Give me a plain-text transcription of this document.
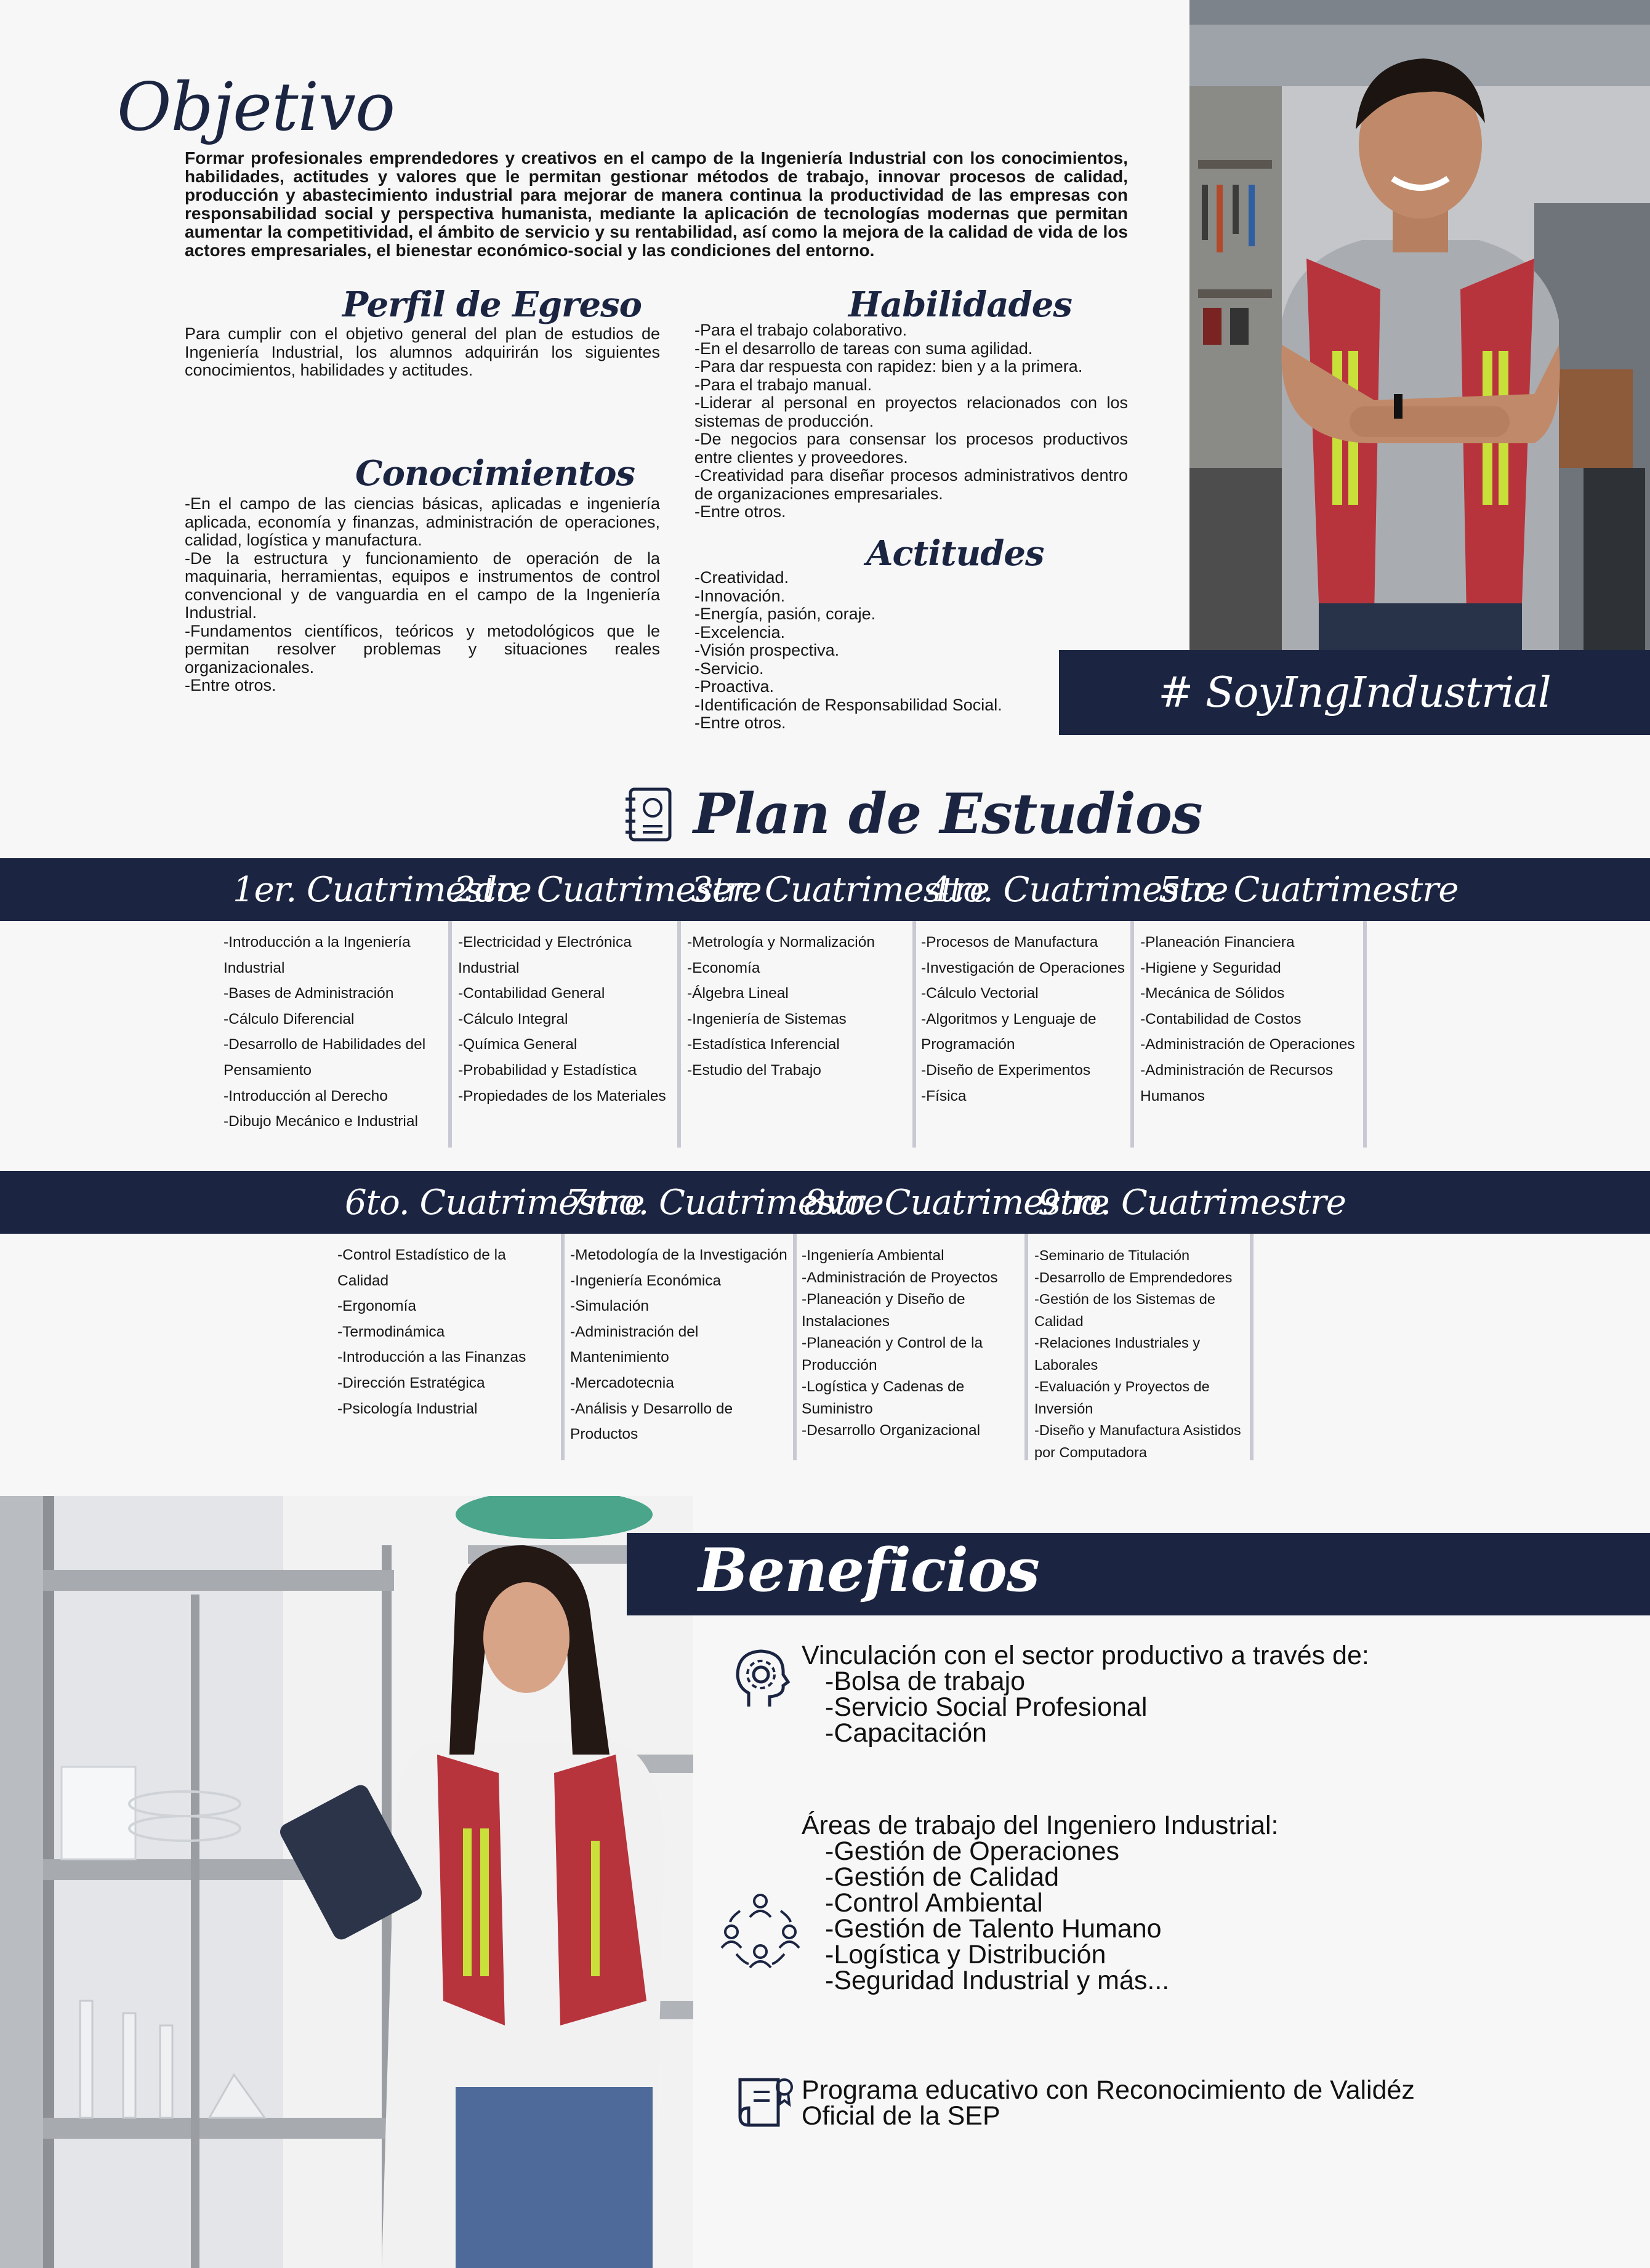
Objetivo

Formar profesionales emprendedores y creativos en el campo de la Ingeniería Industrial con los conocimientos, habilidades, actitudes y valores que le permitan gestionar métodos de trabajo, innovar procesos de calidad, producción y abastecimiento industrial para mejorar de manera continua la productividad de las empresas con responsabilidad social y perspectiva humanista, mediante la aplicación de tecnologías modernas que permitan aumentar la competitividad, el ámbito de servicio y su rentabilidad, así como la mejora de la calidad de vida de los actores empresariales, el bienestar económico-social y las condiciones del entorno.

Perfil de Egreso

Para cumplir con el objetivo general del plan de estudios de Ingeniería Industrial, los alumnos adquirirán los siguientes conocimientos, habilidades y actitudes.

Conocimientos

-En el campo de las ciencias básicas, aplicadas e ingeniería aplicada, economía y finanzas, administración de operaciones, calidad, logística y manufactura.

-De la estructura y funcionamiento de operación de la maquinaria, herramientas, equipos e instrumentos de control convencional y de vanguardia en el campo de la Ingeniería Industrial.

-Fundamentos científicos, teóricos y metodológicos que le permitan resolver problemas y situaciones reales organizacionales.

-Entre otros.

Habilidades

-Para el trabajo colaborativo.

-En el desarrollo de tareas con suma agilidad.

-Para dar respuesta con rapidez: bien y a la primera.

-Para el trabajo manual.

-Liderar al personal en proyectos relacionados con los sistemas de producción.

-De negocios para consensar los procesos productivos entre clientes y proveedores.

-Creatividad para diseñar procesos administrativos dentro de organizaciones empresariales.

-Entre otros.

Actitudes

-Creatividad.

-Innovación.

-Energía, pasión, coraje.

-Excelencia.

-Visión prospectiva.

-Servicio.

-Proactiva.

-Identificación de Responsabilidad Social.

-Entre otros.

# SoyIngIndustrial
Plan de Estudios
1er. Cuatrimestre
2do. Cuatrimestre
3er. Cuatrimestre
4to. Cuatrimestre
5to. Cuatrimestre
-Introducción a la Ingeniería
Industrial
-Bases de Administración
-Cálculo Diferencial
-Desarrollo de Habilidades del
Pensamiento
-Introducción al Derecho
-Dibujo Mecánico e Industrial
-Electricidad y Electrónica
Industrial
-Contabilidad General
-Cálculo Integral
-Química General
-Probabilidad y Estadística
-Propiedades de los Materiales
-Metrología y Normalización
-Economía
-Álgebra Lineal
-Ingeniería de Sistemas
-Estadística Inferencial
-Estudio del Trabajo
-Procesos de Manufactura
-Investigación de Operaciones
-Cálculo Vectorial
-Algoritmos y Lenguaje de
Programación
-Diseño de Experimentos
-Física
-Planeación Financiera
-Higiene y Seguridad
-Mecánica de Sólidos
-Contabilidad de Costos
-Administración de Operaciones
-Administración de Recursos
Humanos
6to. Cuatrimestre
7mo. Cuatrimestre
8vo. Cuatrimestre
9no. Cuatrimestre
-Control Estadístico de la
Calidad
-Ergonomía
-Termodinámica
-Introducción a las Finanzas
-Dirección Estratégica
-Psicología Industrial
-Metodología de la Investigación
-Ingeniería Económica
-Simulación
-Administración del
Mantenimiento
-Mercadotecnia
-Análisis y Desarrollo de
Productos
-Ingeniería Ambiental
-Administración de Proyectos
-Planeación y Diseño de
Instalaciones
-Planeación y Control de la
Producción
-Logística y Cadenas de
Suministro
-Desarrollo Organizacional
-Seminario de Titulación
-Desarrollo de Emprendedores
-Gestión de los Sistemas de
Calidad
-Relaciones Industriales y
Laborales
-Evaluación y Proyectos de
Inversión
-Diseño y Manufactura Asistidos
por Computadora
Beneficios
Vinculación con el sector productivo a través de:
-Bolsa de trabajo
-Servicio Social Profesional
-Capacitación
Áreas de trabajo del Ingeniero Industrial:
-Gestión de Operaciones
-Gestión de Calidad
-Control Ambiental
-Gestión de Talento Humano
-Logística y Distribución
-Seguridad Industrial y más...
Programa educativo con Reconocimiento de Validéz
Oficial de la SEP
